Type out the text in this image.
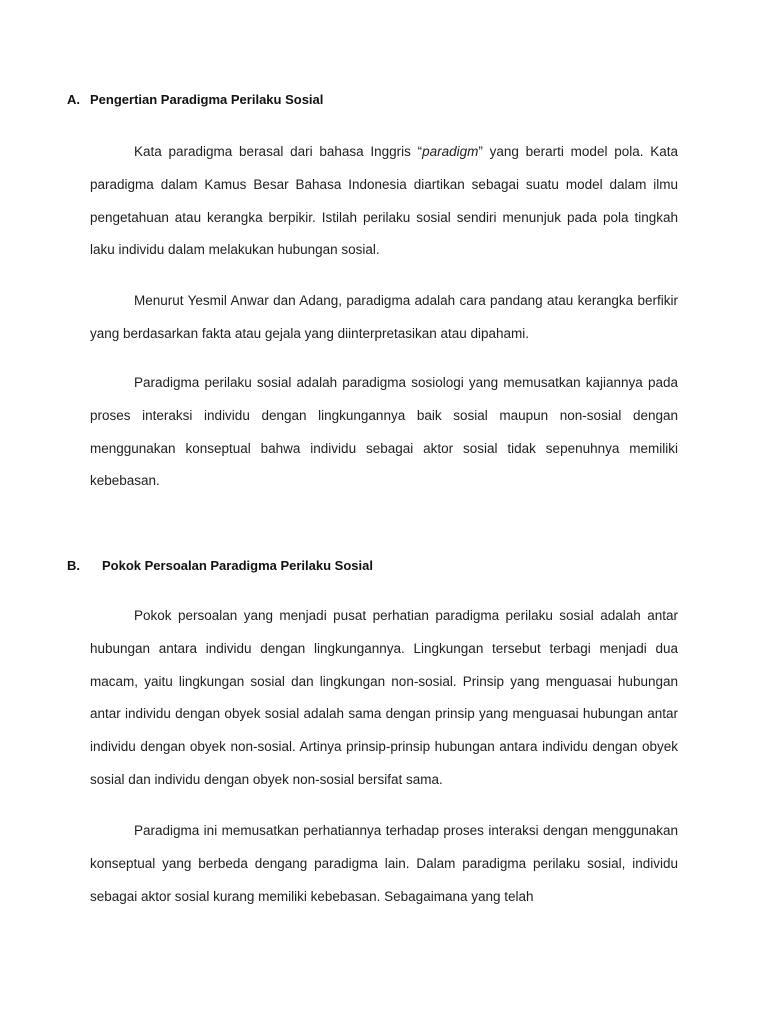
A. Pengertian Paradigma Perilaku Sosial

Kata paradigma berasal dari bahasa Inggris “paradigm” yang berarti model pola. Kata paradigma dalam Kamus Besar Bahasa Indonesia diartikan sebagai suatu model dalam ilmu pengetahuan atau kerangka berpikir. Istilah perilaku sosial sendiri menunjuk pada pola tingkah laku individu dalam melakukan hubungan sosial.

Menurut Yesmil Anwar dan Adang, paradigma adalah cara pandang atau kerangka berfikir yang berdasarkan fakta atau gejala yang diinterpretasikan atau dipahami.

Paradigma perilaku sosial adalah paradigma sosiologi yang memusatkan kajiannya pada proses interaksi individu dengan lingkungannya baik sosial maupun non-sosial dengan menggunakan konseptual bahwa individu sebagai aktor sosial tidak sepenuhnya memiliki kebebasan.

B. Pokok Persoalan Paradigma Perilaku Sosial

Pokok persoalan yang menjadi pusat perhatian paradigma perilaku sosial adalah antar hubungan antara individu dengan lingkungannya. Lingkungan tersebut terbagi menjadi dua macam, yaitu lingkungan sosial dan lingkungan non-sosial. Prinsip yang menguasai hubungan antar individu dengan obyek sosial adalah sama dengan prinsip yang menguasai hubungan antar individu dengan obyek non-sosial. Artinya prinsip-prinsip hubungan antara individu dengan obyek sosial dan individu dengan obyek non-sosial bersifat sama.

Paradigma ini memusatkan perhatiannya terhadap proses interaksi dengan menggunakan konseptual yang berbeda dengang paradigma lain. Dalam paradigma perilaku sosial, individu sebagai aktor sosial kurang memiliki kebebasan. Sebagaimana yang telah
